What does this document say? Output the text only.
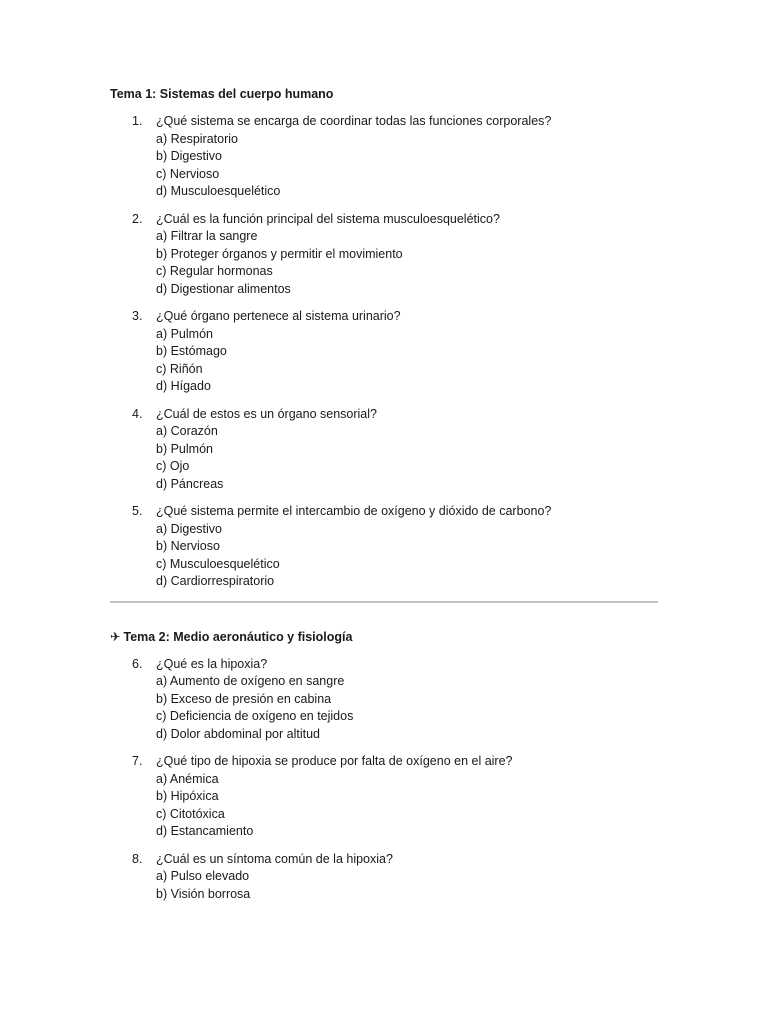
Tema 1: Sistemas del cuerpo humano
1. ¿Qué sistema se encarga de coordinar todas las funciones corporales?
a) Respiratorio
b) Digestivo
c) Nervioso
d) Musculoesquelético
2. ¿Cuál es la función principal del sistema musculoesquelético?
a) Filtrar la sangre
b) Proteger órganos y permitir el movimiento
c) Regular hormonas
d) Digestionar alimentos
3. ¿Qué órgano pertenece al sistema urinario?
a) Pulmón
b) Estómago
c) Riñón
d) Hígado
4. ¿Cuál de estos es un órgano sensorial?
a) Corazón
b) Pulmón
c) Ojo
d) Páncreas
5. ¿Qué sistema permite el intercambio de oxígeno y dióxido de carbono?
a) Digestivo
b) Nervioso
c) Musculoesquelético
d) Cardiorrespiratorio
✈ Tema 2: Medio aeronáutico y fisiología
6. ¿Qué es la hipoxia?
a) Aumento de oxígeno en sangre
b) Exceso de presión en cabina
c) Deficiencia de oxígeno en tejidos
d) Dolor abdominal por altitud
7. ¿Qué tipo de hipoxia se produce por falta de oxígeno en el aire?
a) Anémica
b) Hipóxica
c) Citotóxica
d) Estancamiento
8. ¿Cuál es un síntoma común de la hipoxia?
a) Pulso elevado
b) Visión borrosa
